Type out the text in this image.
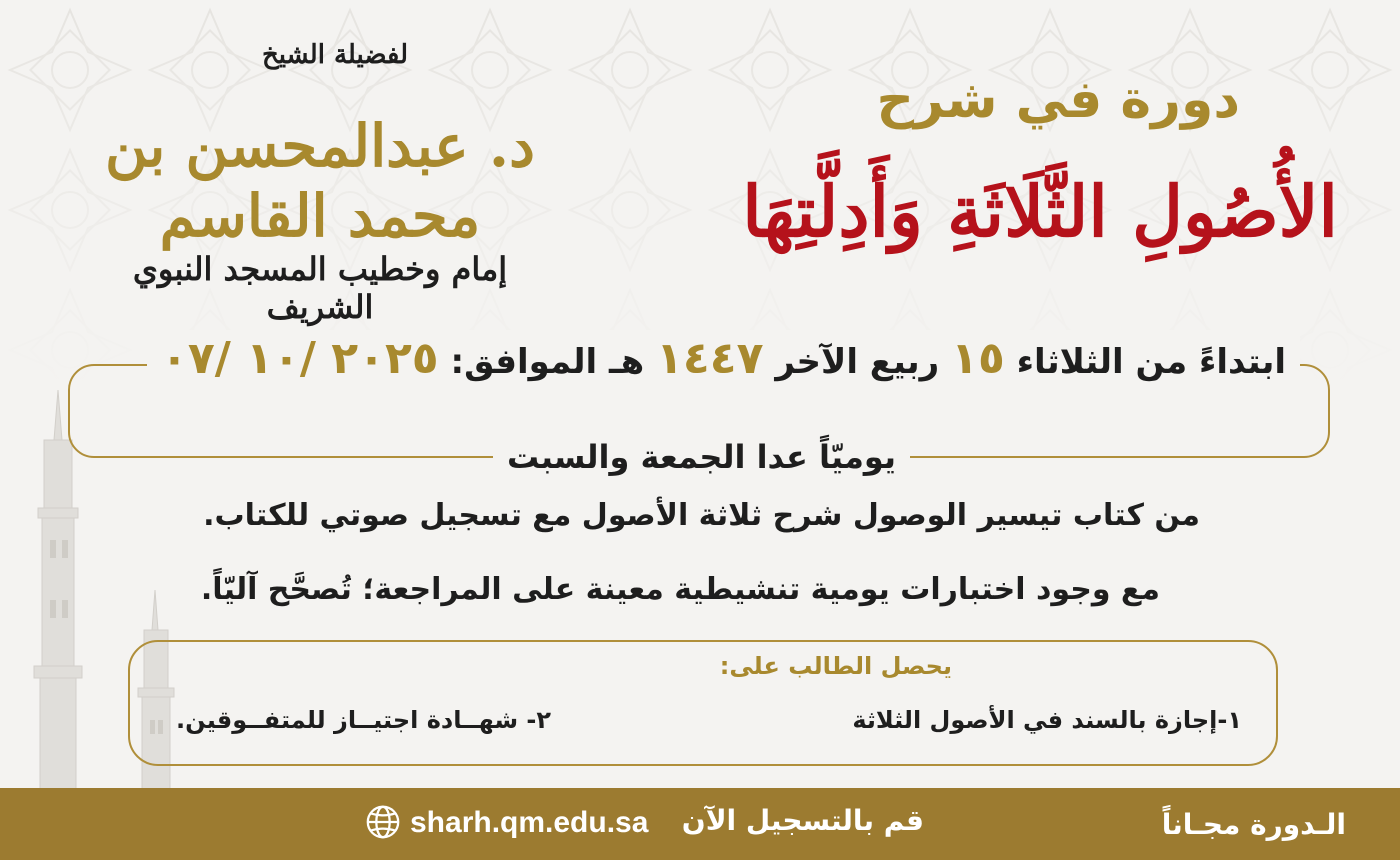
دورة في شرح
الأُصُولِ الثَّلَاثَةِ وَأَدِلَّتِهَا
لفضيلة الشيخ
د. عبدالمحسن بن محمد القاسم
إمام وخطيب المسجد النبوي الشريف
ابتداءً من الثلاثاء ١٥ ربيع الآخر ١٤٤٧ هـ الموافق: ٢٠٢٥ /١٠ /٠٧
يوميّاً عدا الجمعة والسبت
من كتاب تيسير الوصول شرح ثلاثة الأصول مع تسجيل صوتي للكتاب.
مع وجود اختبارات يومية تنشيطية معينة على المراجعة؛ تُصحَّح آليّاً.
يحصل الطالب على:
١-إجازة بالسند في الأصول الثلاثة
٢- شهــادة اجتيــاز للمتفــوقين.
الـدورة مجـاناً
قم بالتسجيل الآن
sharh.qm.edu.sa
